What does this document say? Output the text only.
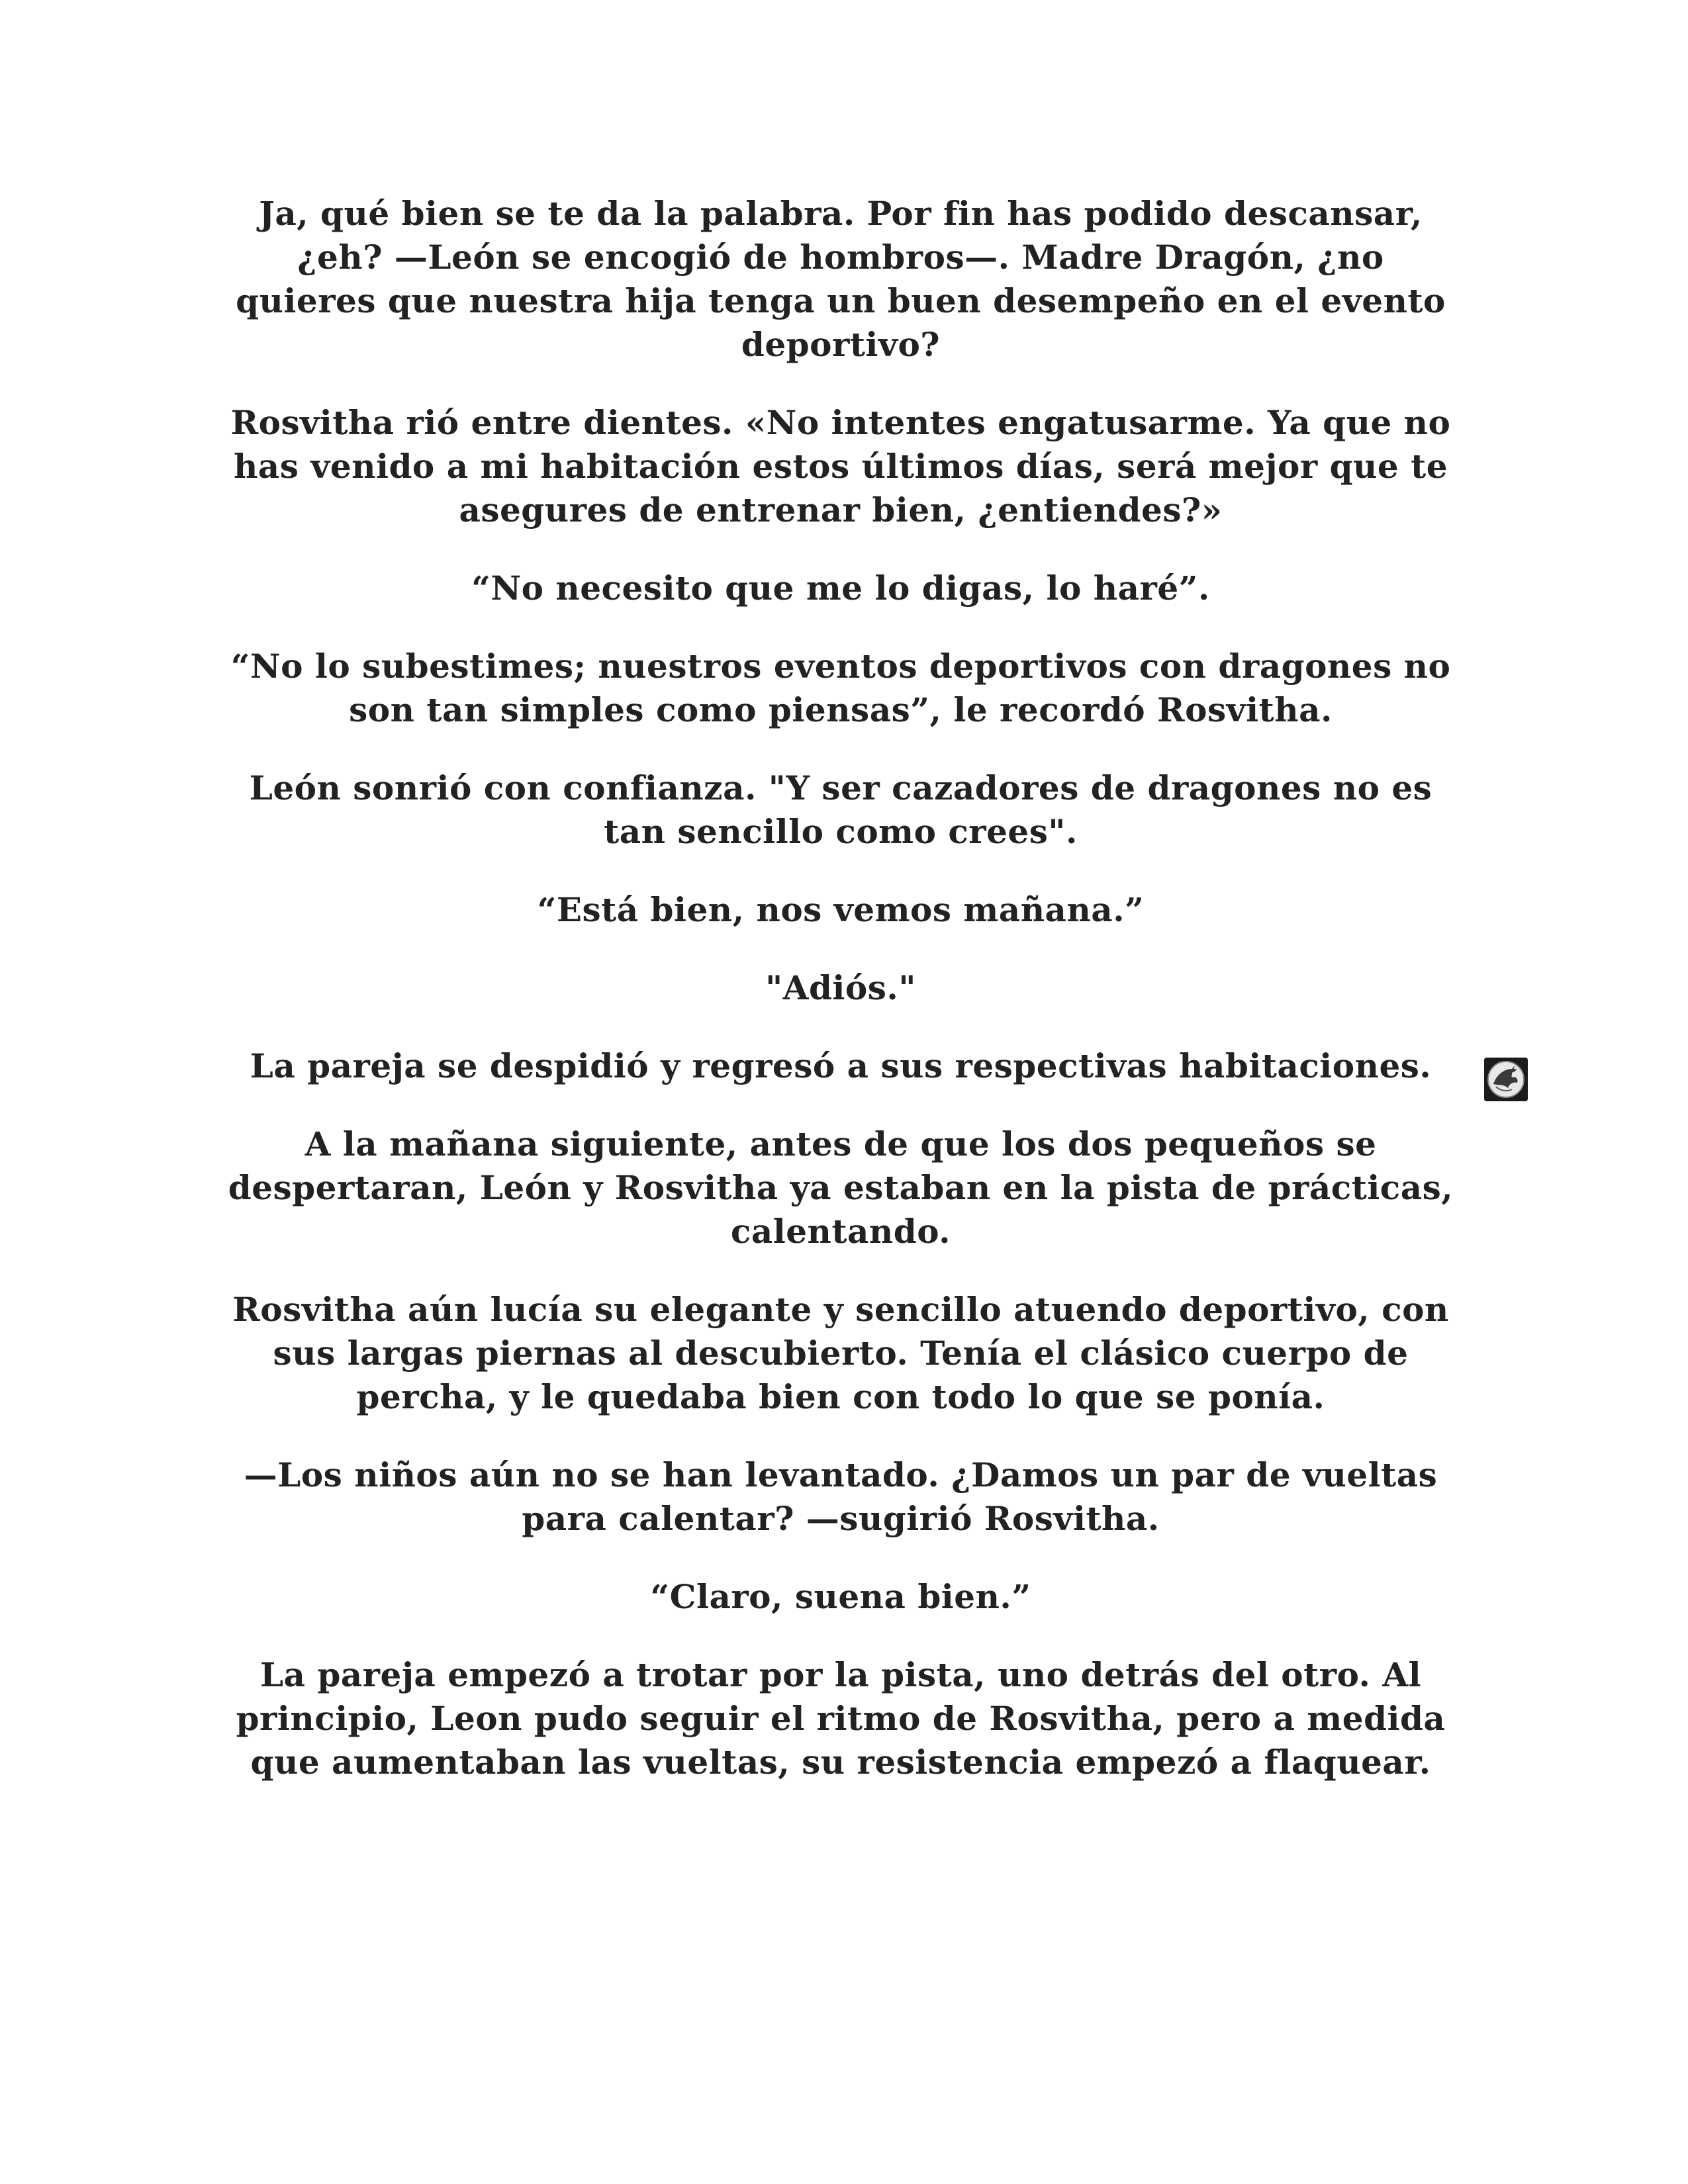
Ja, qué bien se te da la palabra. Por fin has podido descansar, ¿eh? —León se encogió de hombros—. Madre Dragón, ¿no quieres que nuestra hija tenga un buen desempeño en el evento deportivo?

Rosvitha rió entre dientes. «No intentes engatusarme. Ya que no has venido a mi habitación estos últimos días, será mejor que te asegures de entrenar bien, ¿entiendes?»

“No necesito que me lo digas, lo haré”.

“No lo subestimes; nuestros eventos deportivos con dragones no son tan simples como piensas”, le recordó Rosvitha.

León sonrió con confianza. "Y ser cazadores de dragones no es tan sencillo como crees".

“Está bien, nos vemos mañana.”

"Adiós."

La pareja se despidió y regresó a sus respectivas habitaciones.

A la mañana siguiente, antes de que los dos pequeños se despertaran, León y Rosvitha ya estaban en la pista de prácticas, calentando.

Rosvitha aún lucía su elegante y sencillo atuendo deportivo, con sus largas piernas al descubierto. Tenía el clásico cuerpo de percha, y le quedaba bien con todo lo que se ponía.

—Los niños aún no se han levantado. ¿Damos un par de vueltas para calentar? —sugirió Rosvitha.

“Claro, suena bien.”

La pareja empezó a trotar por la pista, uno detrás del otro. Al principio, Leon pudo seguir el ritmo de Rosvitha, pero a medida que aumentaban las vueltas, su resistencia empezó a flaquear.
